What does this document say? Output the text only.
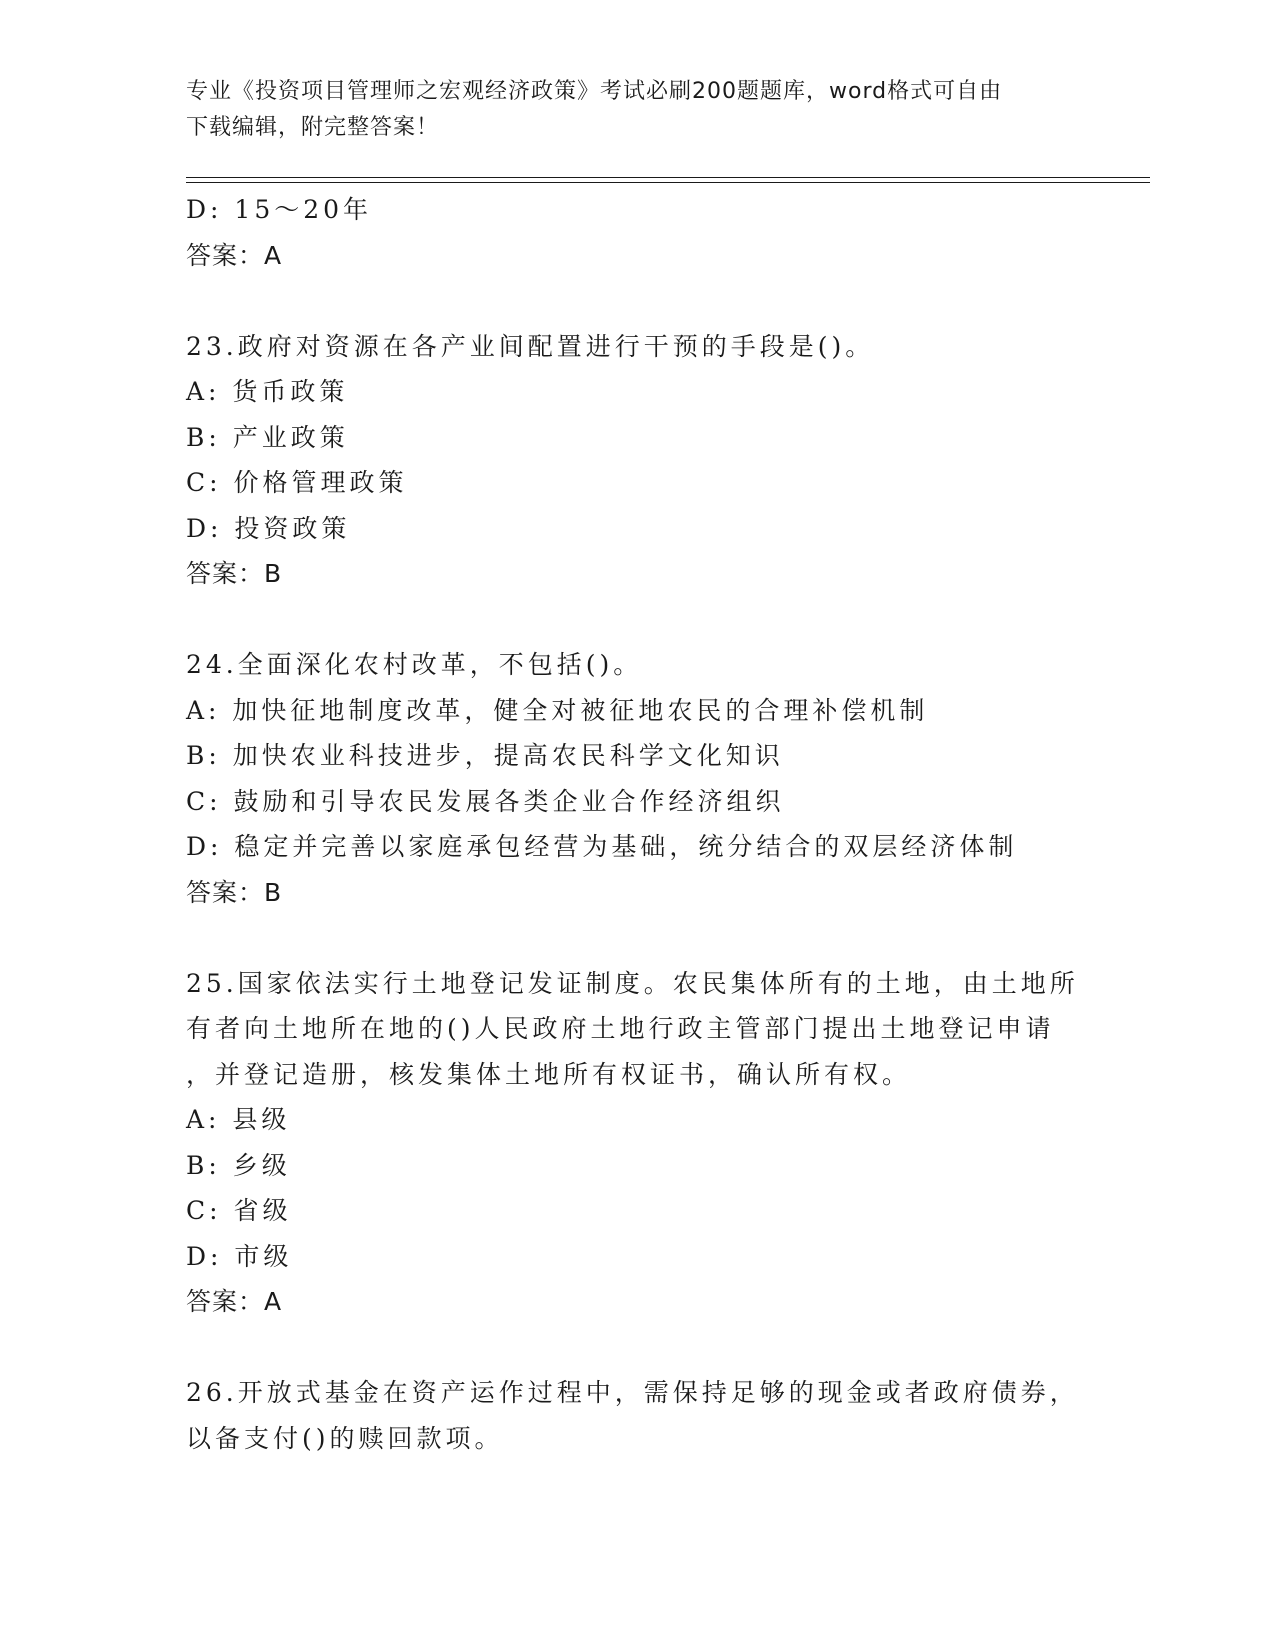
专业《投资项目管理师之宏观经济政策》考试必刷200题题库，word格式可自由
下载编辑，附完整答案！
D: 15～20年
答案：A
23.政府对资源在各产业间配置进行干预的手段是()。
A: 货币政策
B: 产业政策
C: 价格管理政策
D: 投资政策
答案：B
24.全面深化农村改革，不包括()。
A: 加快征地制度改革，健全对被征地农民的合理补偿机制
B: 加快农业科技进步，提高农民科学文化知识
C: 鼓励和引导农民发展各类企业合作经济组织
D: 稳定并完善以家庭承包经营为基础，统分结合的双层经济体制
答案：B
25.国家依法实行土地登记发证制度。农民集体所有的土地，由土地所
有者向土地所在地的()人民政府土地行政主管部门提出土地登记申请
，并登记造册，核发集体土地所有权证书，确认所有权。
A: 县级
B: 乡级
C: 省级
D: 市级
答案：A
26.开放式基金在资产运作过程中，需保持足够的现金或者政府债券，
以备支付()的赎回款项。
